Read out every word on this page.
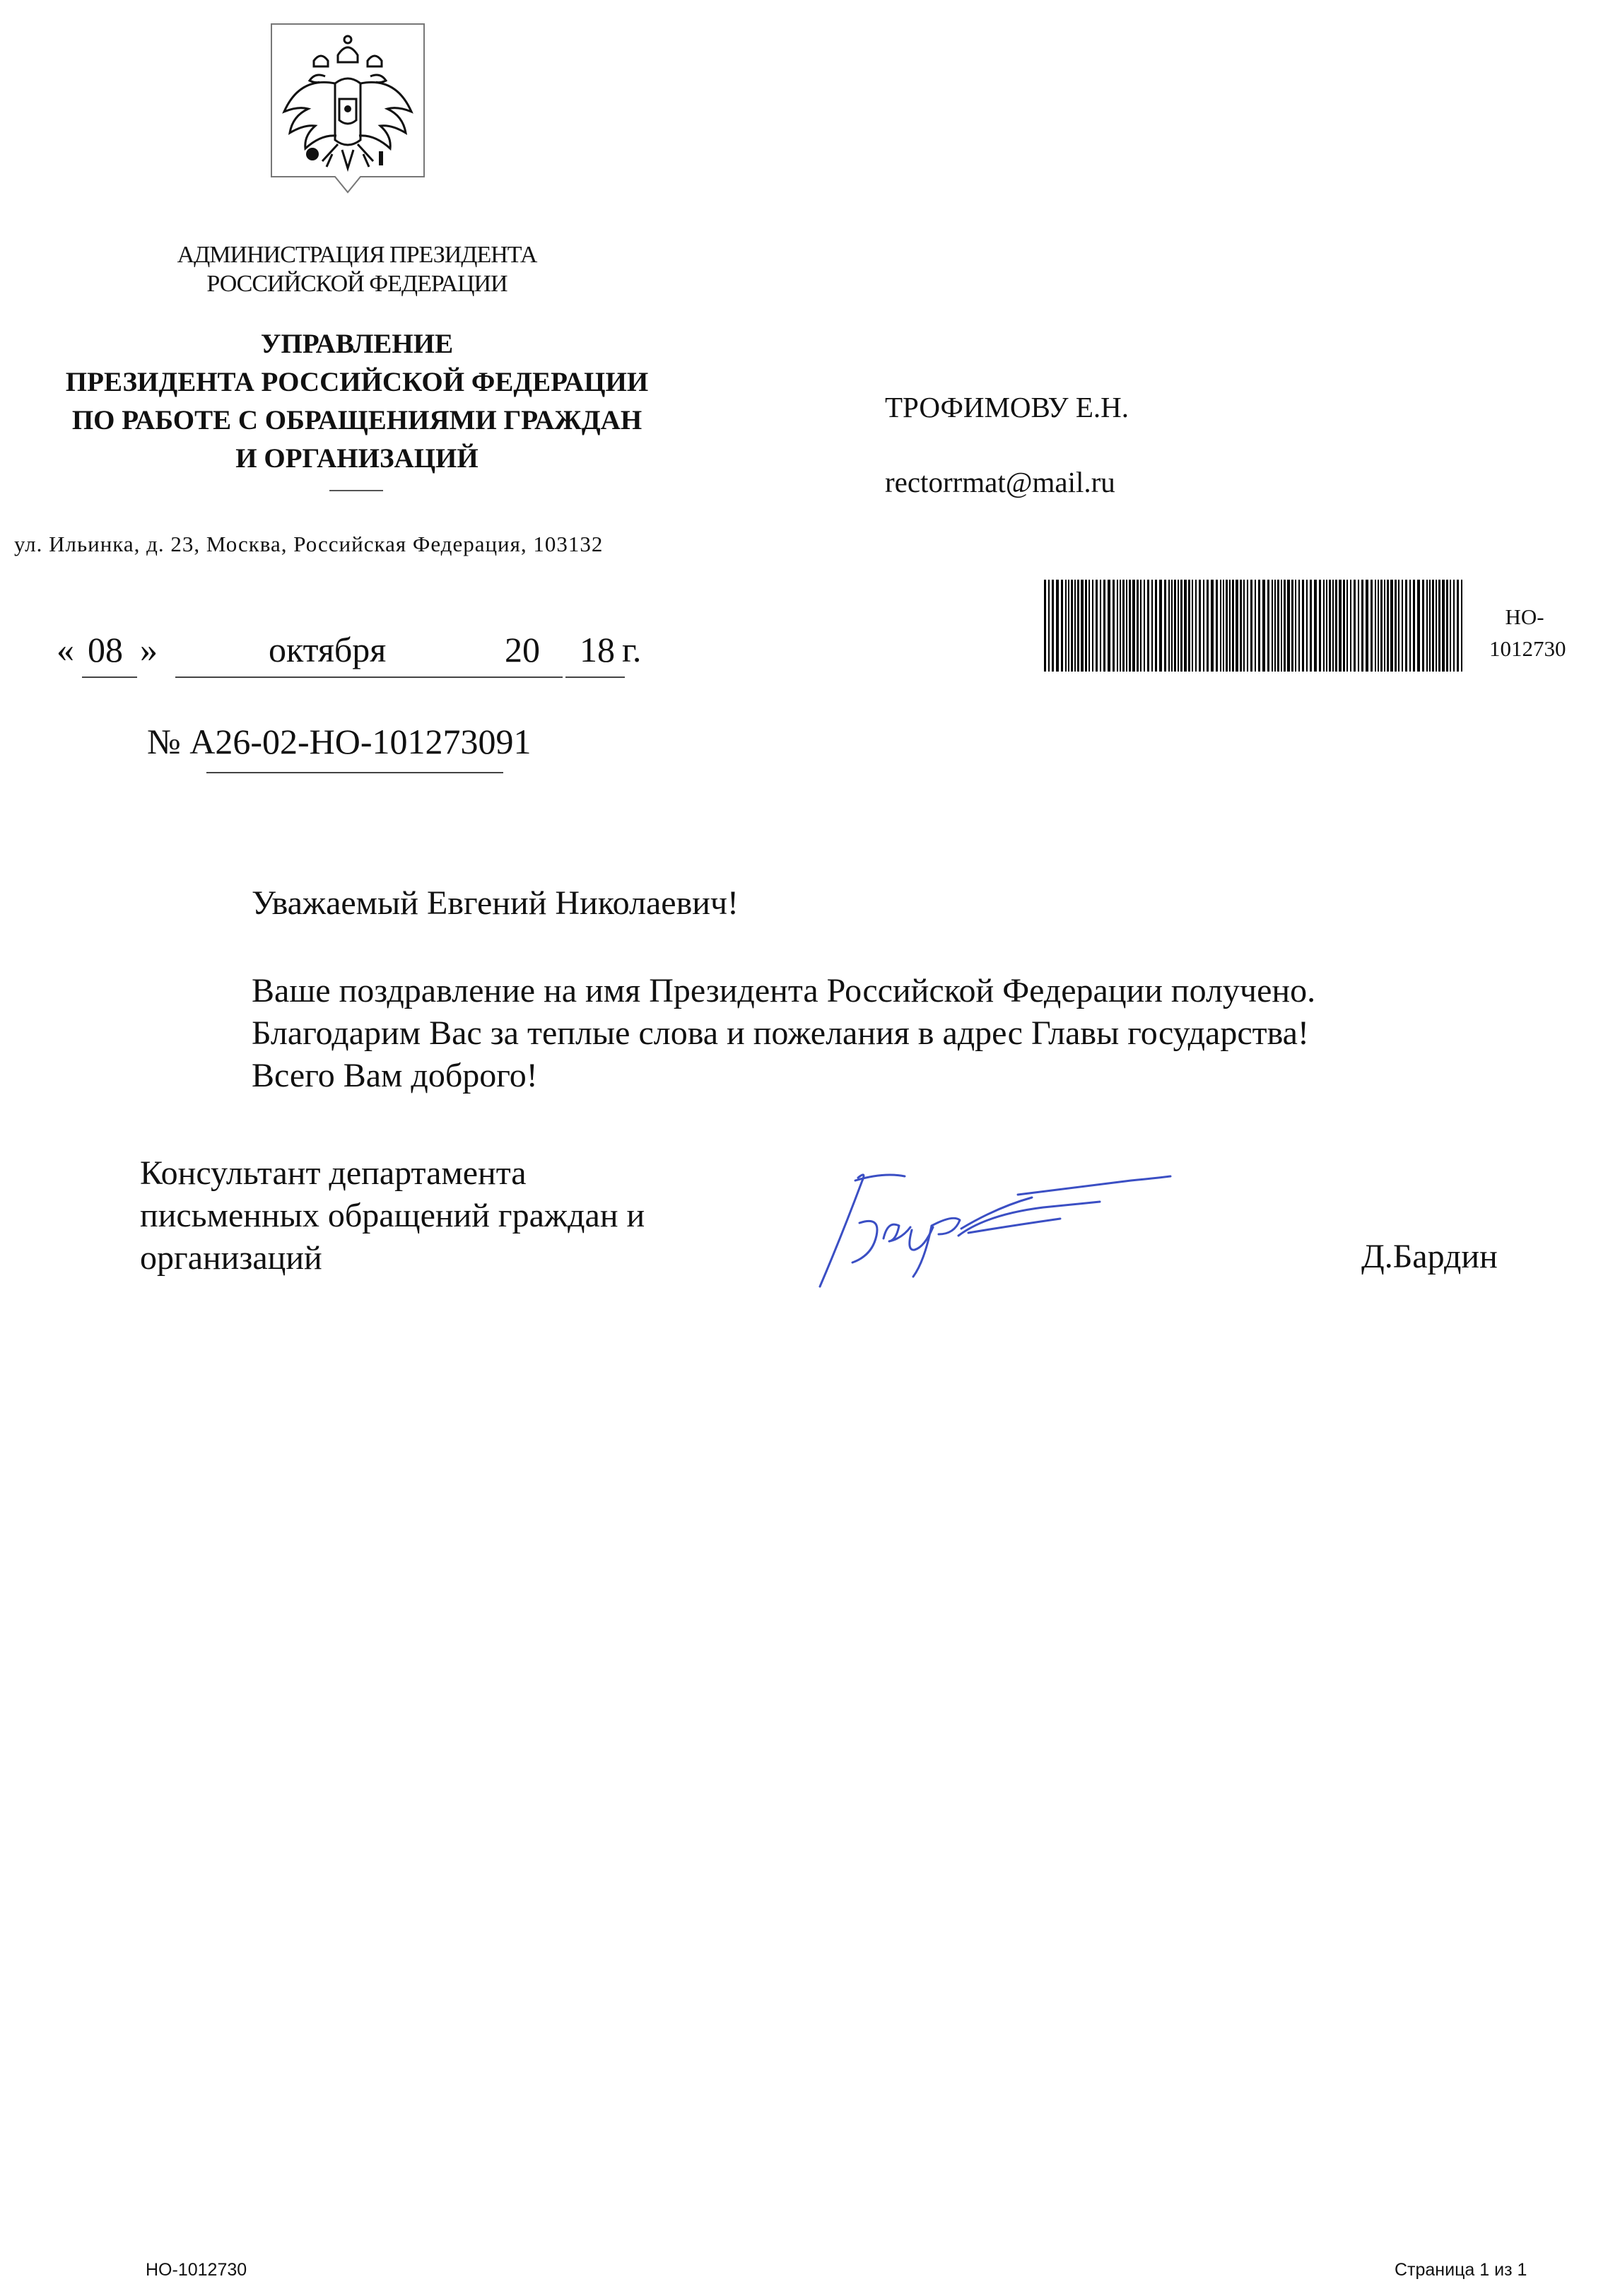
АДМИНИСТРАЦИЯ ПРЕЗИДЕНТА
РОССИЙСКОЙ ФЕДЕРАЦИИ
УПРАВЛЕНИЕ
ПРЕЗИДЕНТА РОССИЙСКОЙ ФЕДЕРАЦИИ
ПО РАБОТЕ С ОБРАЩЕНИЯМИ ГРАЖДАН
И ОРГАНИЗАЦИЙ
ул. Ильинка, д. 23, Москва, Российская Федерация, 103132
ТРОФИМОВУ Е.Н.
rectorrmat@mail.ru
НО-
1012730
« 08 »	октября	20 18 г.
№ А26-02-НО-101273091
Уважаемый Евгений Николаевич!
Ваше поздравление на имя Президента Российской Федерации получено.
Благодарим Вас за теплые слова и пожелания в адрес Главы государства!
Всего Вам доброго!
Консультант департамента
письменных обращений граждан и
организаций	Д.Бардин
НО-1012730	Страница 1 из 1
